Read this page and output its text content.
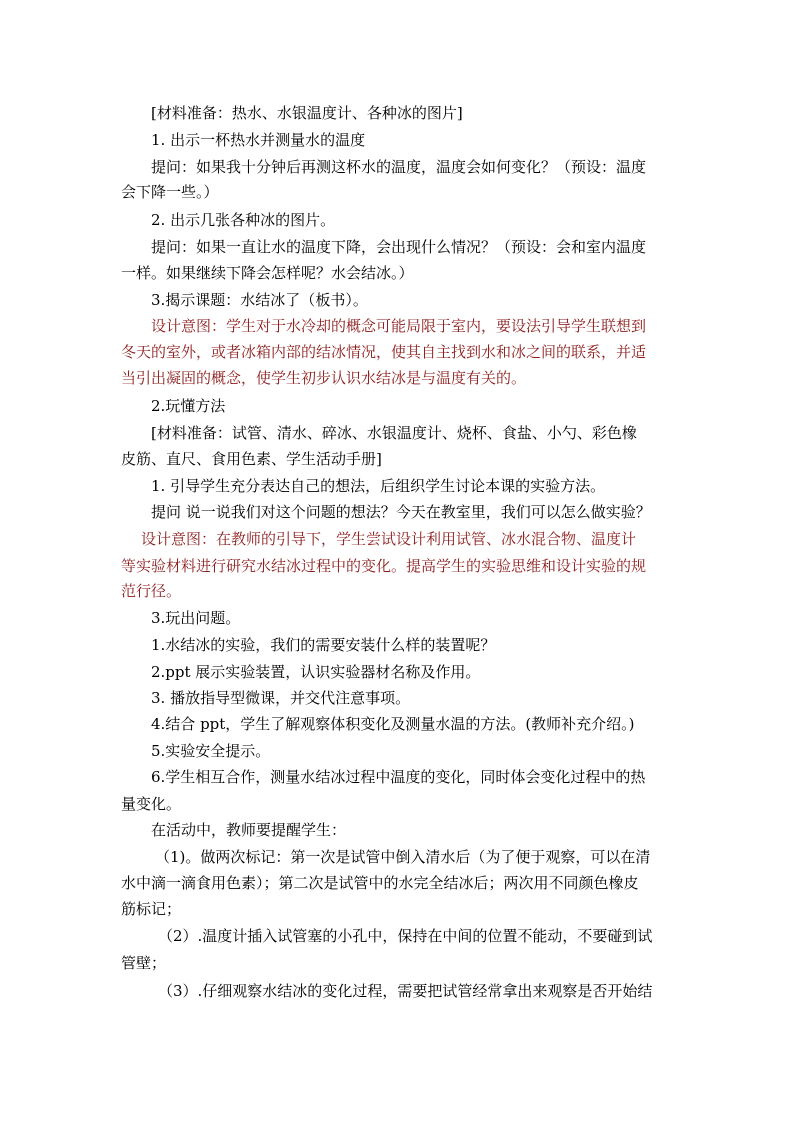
[材料准备：热水、水银温度计、各种冰的图片]
1. 出示一杯热水并测量水的温度
提问：如果我十分钟后再测这杯水的温度，温度会如何变化？（预设：温度
会下降一些。）
2. 出示几张各种冰的图片。
提问：如果一直让水的温度下降，会出现什么情况？（预设：会和室内温度
一样。如果继续下降会怎样呢？水会结冰。）
3.揭示课题：水结冰了（板书）。
设计意图：学生对于水冷却的概念可能局限于室内，要设法引导学生联想到
冬天的室外，或者冰箱内部的结冰情况，使其自主找到水和冰之间的联系，并适
当引出凝固的概念，使学生初步认识水结冰是与温度有关的。
2.玩懂方法
[材料准备：试管、清水、碎冰、水银温度计、烧杯、食盐、小勺、彩色橡
皮筋、直尺、食用色素、学生活动手册]
1. 引导学生充分表达自己的想法，后组织学生讨论本课的实验方法。
提问 说一说我们对这个问题的想法？今天在教室里，我们可以怎么做实验？
设计意图：在教师的引导下，学生尝试设计利用试管、冰水混合物、温度计
等实验材料进行研究水结冰过程中的变化。提高学生的实验思维和设计实验的规
范行径。
3.玩出问题。
1.水结冰的实验，我们的需要安装什么样的装置呢？
2.ppt 展示实验装置，认识实验器材名称及作用。
3. 播放指导型微课，并交代注意事项。
4.结合 ppt，学生了解观察体积变化及测量水温的方法。(教师补充介绍。)
5.实验安全提示。
6.学生相互合作，测量水结冰过程中温度的变化，同时体会变化过程中的热
量变化。
在活动中，教师要提醒学生：
（1)。做两次标记：第一次是试管中倒入清水后（为了便于观察，可以在清
水中滴一滴食用色素）；第二次是试管中的水完全结冰后；两次用不同颜色橡皮
筋标记；
（2）.温度计插入试管塞的小孔中，保持在中间的位置不能动，不要碰到试
管壁；
（3）.仔细观察水结冰的变化过程，需要把试管经常拿出来观察是否开始结
